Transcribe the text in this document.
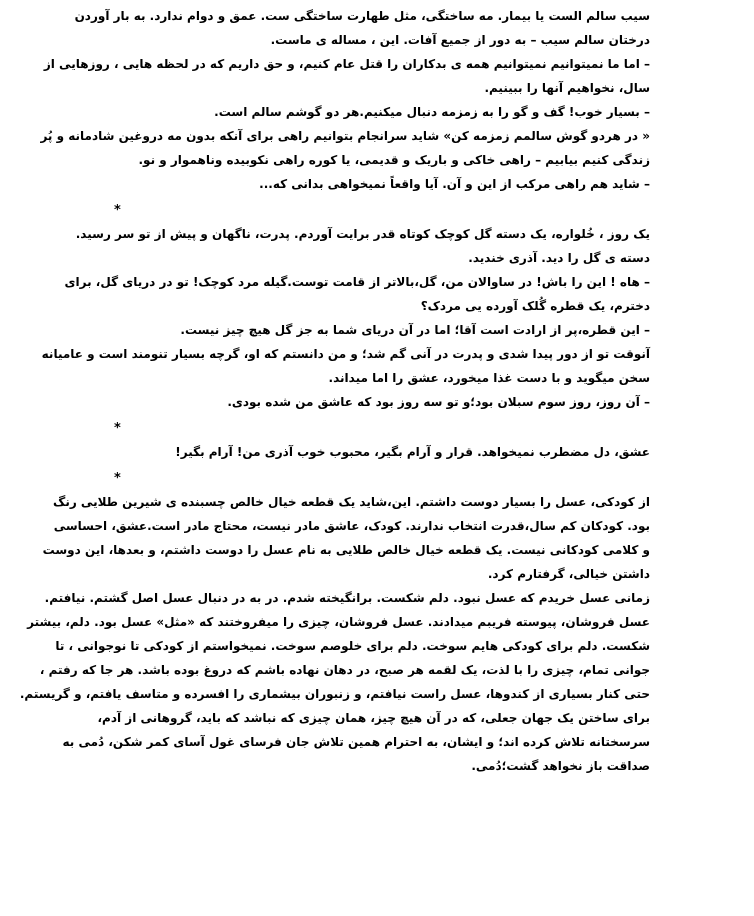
سیب سالم الست یا بیمار. مه ساختگی، مثل طهارت ساختگی ست. عمق و دوام ندارد. به بار آوردن
درختان سالم سیب – به دور از جمیع آفات. این ، مساله ی ماست.
– اما ما نمیتوانیم نمیتوانیم همه ی بدکاران را قتل عام کنیم، و حق داریم که در لحظه هایی ، روزهایی از
سال، نخواهیم آنها را ببینیم.
– بسیار خوب! گف و گو را به زمزمه دنبال میکنیم.هر دو گوشم سالم است.
« در هردو گوش سالمم زمزمه کن» شاید سرانجام بتوانیم راهی برای آنکه بدون مه دروغین شادمانه و پُر
زندگی کنیم بیابیم – راهی خاکی و باریک و قدیمی، یا کوره راهی نکوبیده وناهموار و نو.
– شاید هم راهی مرکب از این و آن. آیا واقعاً نمیخواهی بدانی که...
*
یک روز ، خُلواره، یک دسته گل کوچک کوتاه قدر برایت آوردم. پدرت، ناگهان و پیش از تو سر رسید.
دسته ی گل را دید. آذری خندید.
– هاه ! این را باش! در ساوالان من، گل،بالاتر از قامت توست.گیله مرد کوچک! تو در دریای گل، برای
دخترم، یک قطره گُلک آورده یی مردک؟
– این قطره،پر از ارادت است آقا؛ اما در آن دریای شما به جز گل هیچ چیز نیست.
آنوقت تو از دور پیدا شدی و پدرت در آنی گم شد؛ و من دانستم که او، گرچه بسیار تنومند است و عامیانه
سخن میگوید و با دست غذا میخورد، عشق را اما میداند.
– آن روز، روز سوم سبلان بود؛و تو سه روز بود که عاشق من شده بودی.
*
عشق، دل مضطرب نمیخواهد. قرار و آرام بگیر، محبوب خوب آذری من! آرام بگیر!
*
از کودکی، عسل را بسیار دوست داشتم. این،شاید یک قطعه خیال خالص چسبنده ی شیرین طلایی رنگ
بود. کودکان کم سال،قدرت انتخاب ندارند. کودک، عاشق مادر نیست، محتاج مادر است.عشق، احساسی
و کلامی کودکانی نیست. یک قطعه خیال خالص طلایی به نام عسل را دوست داشتم، و بعدها، این دوست
داشتن خیالی، گرفتارم کرد.
زمانی عسل خریدم که عسل نبود. دلم شکست. برانگیخته شدم. در به در دنبال عسل اصل گشتم. نیافتم.
عسل فروشان، پیوسته فریبم میدادند. عسل فروشان، چیزی را میفروختند که «مثل» عسل بود. دلم، بیشتر
شکست. دلم برای کودکی هایم سوخت. دلم برای خلوصم سوخت. نمیخواستم از کودکی تا نوجوانی ، تا
جوانی تمام، چیزی را با لذت، یک لقمه هر صبح، در دهان نهاده باشم که دروغ بوده باشد. هر جا که رفتم ،
حتی کنار بسیاری از کندوها، عسل راست نیافتم، و زنبوران بیشماری را افسرده و متاسف یافتم، و گریستم.
برای ساختن یک جهان جعلی، که در آن هیچ چیز، همان چیزی که نباشد که باید، گروهانی از آدم،
سرسختانه تلاش کرده اند؛ و ایشان، به احترام همین تلاش جان فرسای غول آسای کمر شکن، دُمی به
صداقت باز نخواهد گشت؛دُمی.
